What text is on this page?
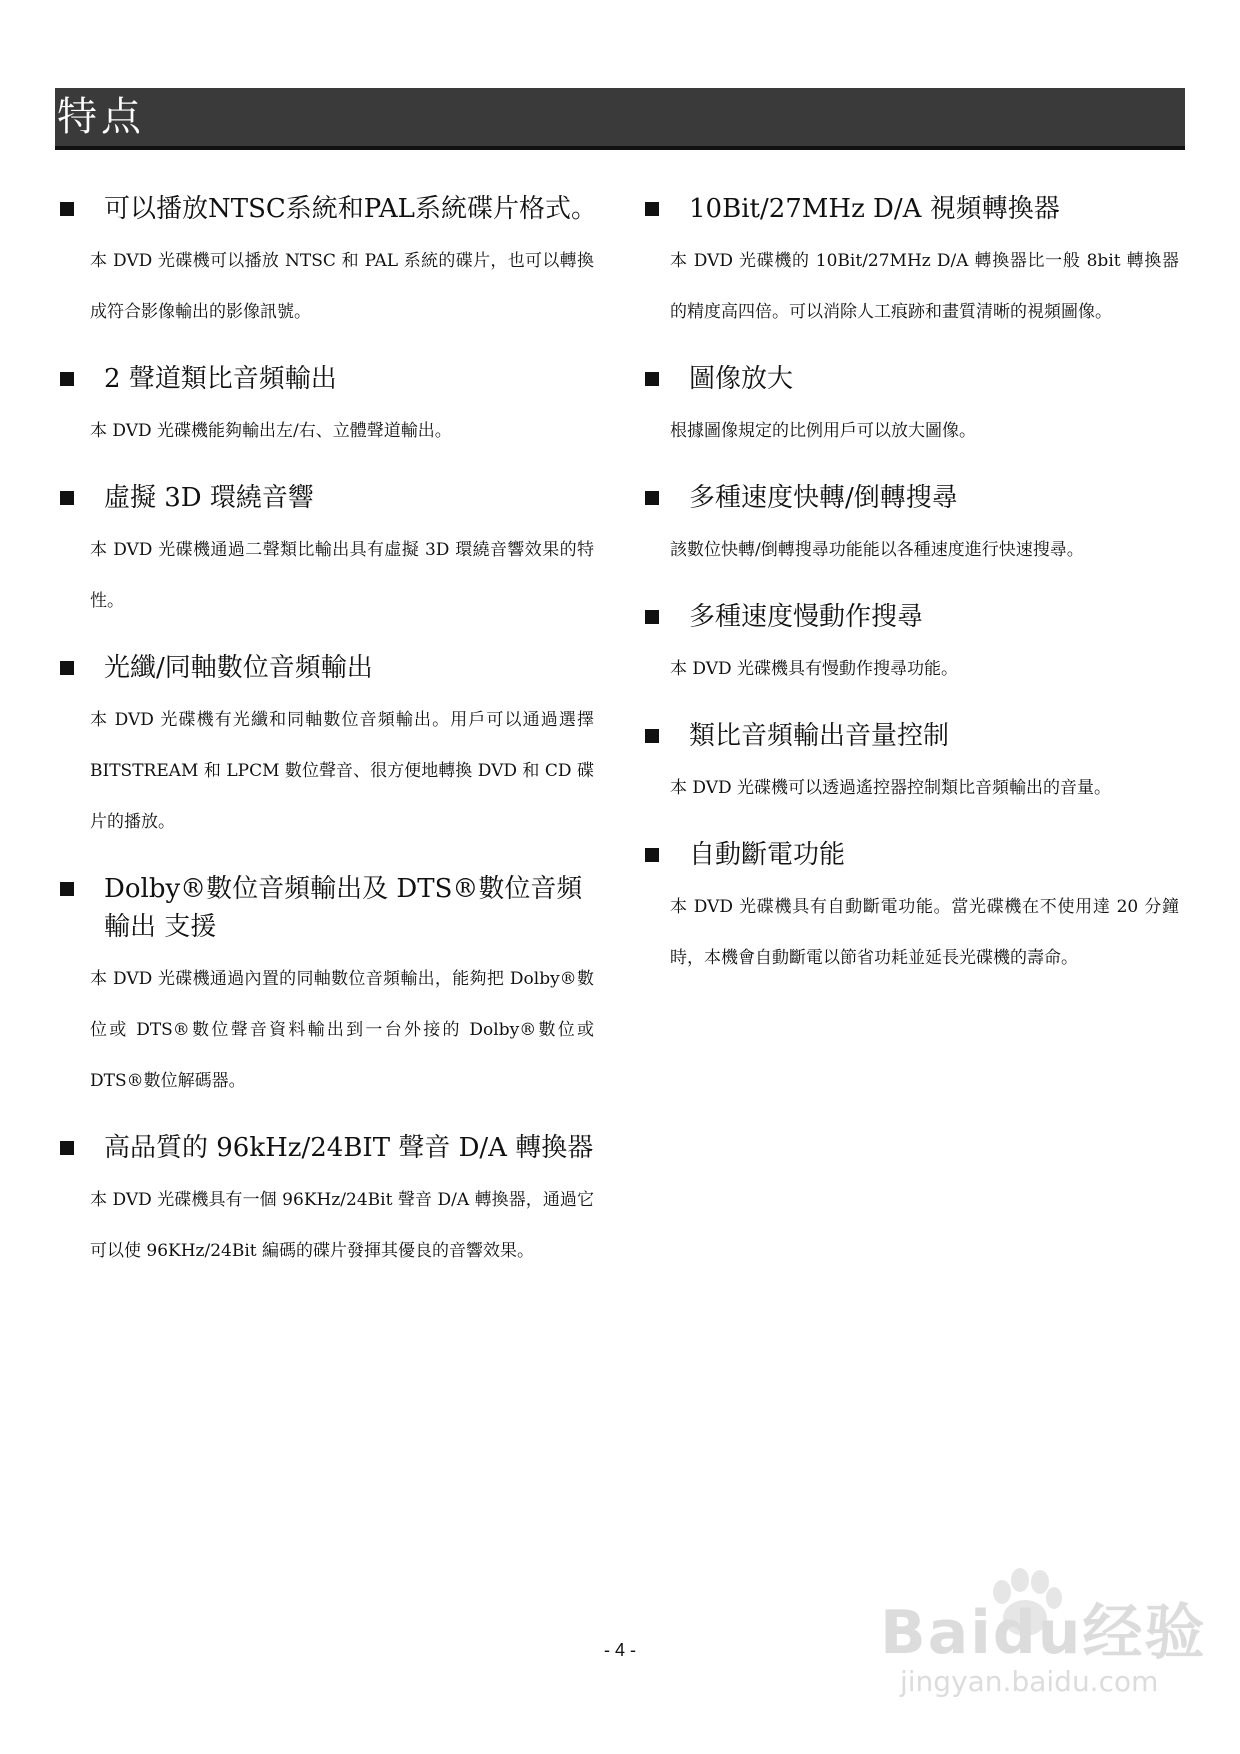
特点
可以播放NTSC系統和PAL系統碟片格式。
本 DVD 光碟機可以播放 NTSC 和 PAL 系統的碟片，也可以轉換成符合影像輸出的影像訊號。
2 聲道類比音頻輸出
本 DVD 光碟機能夠輸出左/右、立體聲道輸出。
虛擬 3D 環繞音響
本 DVD 光碟機通過二聲類比輸出具有虛擬 3D 環繞音響效果的特性。
光纖/同軸數位音頻輸出
本 DVD 光碟機有光纖和同軸數位音頻輸出。用戶可以通過選擇 BITSTREAM 和 LPCM 數位聲音、很方便地轉換 DVD 和 CD 碟片的播放。
Dolby®數位音頻輸出及 DTS®數位音頻輸出 支援
本 DVD 光碟機通過內置的同軸數位音頻輸出，能夠把 Dolby®數位或 DTS®數位聲音資料輸出到一台外接的 Dolby®數位或 DTS®數位解碼器。
高品質的 96kHz/24BIT 聲音 D/A 轉換器
本 DVD 光碟機具有一個 96KHz/24Bit 聲音 D/A 轉換器，通過它可以使 96KHz/24Bit 編碼的碟片發揮其優良的音響效果。
10Bit/27MHz D/A 視頻轉換器
本 DVD 光碟機的 10Bit/27MHz D/A 轉換器比一般 8bit 轉換器的精度高四倍。可以消除人工痕跡和畫質清晰的視頻圖像。
圖像放大
根據圖像規定的比例用戶可以放大圖像。
多種速度快轉/倒轉搜尋
該數位快轉/倒轉搜尋功能能以各種速度進行快速搜尋。
多種速度慢動作搜尋
本 DVD 光碟機具有慢動作搜尋功能。
類比音頻輸出音量控制
本 DVD 光碟機可以透過遙控器控制類比音頻輸出的音量。
自動斷電功能
本 DVD 光碟機具有自動斷電功能。當光碟機在不使用達 20 分鐘時，本機會自動斷電以節省功耗並延長光碟機的壽命。
- 4 -	Baidu经验
jingyan.baidu.com
